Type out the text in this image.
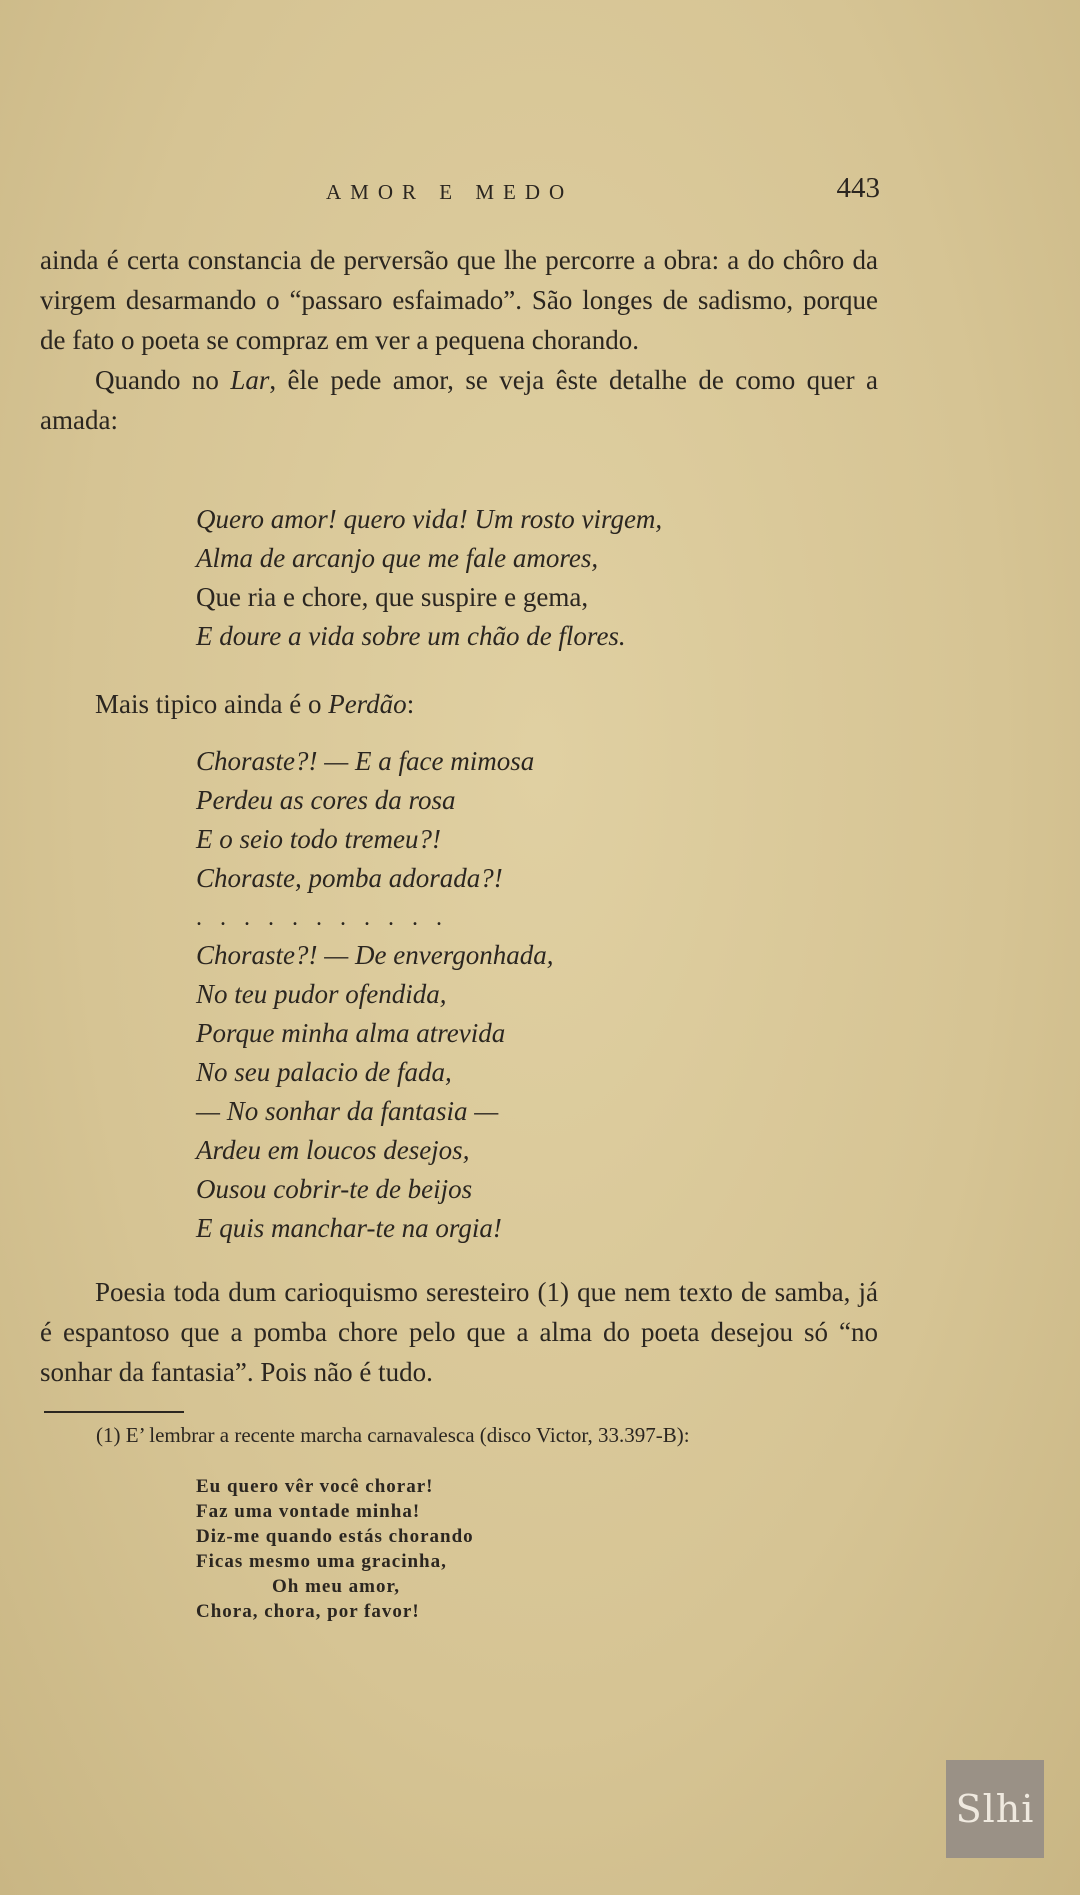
AMOR E MEDO	443

ainda é certa constancia de perversão que lhe percorre a obra: a do chôro da virgem desarmando o “passaro esfaimado”. São longes de sadismo, porque de fato o poeta se compraz em ver a pequena chorando.

Quando no Lar, êle pede amor, se veja êste detalhe de como quer a amada:

Quero amor! quero vida! Um rosto virgem,
Alma de arcanjo que me fale amores,
Que ria e chore, que suspire e gema,
E doure a vida sobre um chão de flores.

Mais tipico ainda é o Perdão:

Choraste?! — E a face mimosa
Perdeu as cores da rosa
E o seio todo tremeu?!
Choraste, pomba adorada?!
...........
Choraste?! — De envergonhada,
No teu pudor ofendida,
Porque minha alma atrevida
No seu palacio de fada,
— No sonhar da fantasia —
Ardeu em loucos desejos,
Ousou cobrir-te de beijos
E quis manchar-te na orgia!

Poesia toda dum carioquismo seresteiro (1) que nem texto de samba, já é espantoso que a pomba chore pelo que a alma do poeta desejou só “no sonhar da fantasia”. Pois não é tudo.

(1) E’ lembrar a recente marcha carnavalesca (disco Victor, 33.397-B):
Eu quero vêr você chorar!
Faz uma vontade minha!
Diz-me quando estás chorando
Ficas mesmo uma gracinha,
Oh meu amor,
Chora, chora, por favor!
Slhi
